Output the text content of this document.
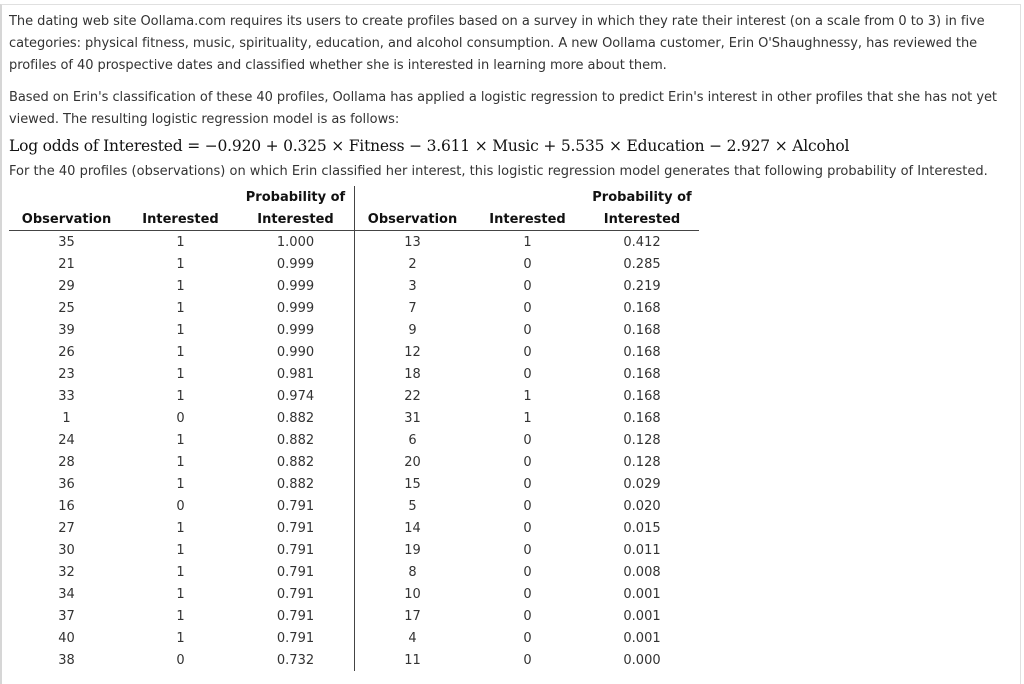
The dating web site Oollama.com requires its users to create profiles based on a survey in which they rate their interest (on a scale from 0 to 3) in five categories: physical fitness, music, spirituality, education, and alcohol consumption. A new Oollama customer, Erin O'Shaughnessy, has reviewed the profiles of 40 prospective dates and classified whether she is interested in learning more about them.

Based on Erin's classification of these 40 profiles, Oollama has applied a logistic regression to predict Erin's interest in other profiles that she has not yet viewed. The resulting logistic regression model is as follows:

Log odds of Interested = −0.920 + 0.325 × Fitness − 3.611 × Music + 5.535 × Education − 2.927 × Alcohol
For the 40 profiles (observations) on which Erin classified her interest, this logistic regression model generates that following probability of Interested.
		Probability of			Probability of
Observation	Interested	Interested	Observation	Interested	Interested
35	1	1.000	13	1	0.412
21	1	0.999	2	0	0.285
29	1	0.999	3	0	0.219
25	1	0.999	7	0	0.168
39	1	0.999	9	0	0.168
26	1	0.990	12	0	0.168
23	1	0.981	18	0	0.168
33	1	0.974	22	1	0.168
1	0	0.882	31	1	0.168
24	1	0.882	6	0	0.128
28	1	0.882	20	0	0.128
36	1	0.882	15	0	0.029
16	0	0.791	5	0	0.020
27	1	0.791	14	0	0.015
30	1	0.791	19	0	0.011
32	1	0.791	8	0	0.008
34	1	0.791	10	0	0.001
37	1	0.791	17	0	0.001
40	1	0.791	4	0	0.001
38	0	0.732	11	0	0.000
